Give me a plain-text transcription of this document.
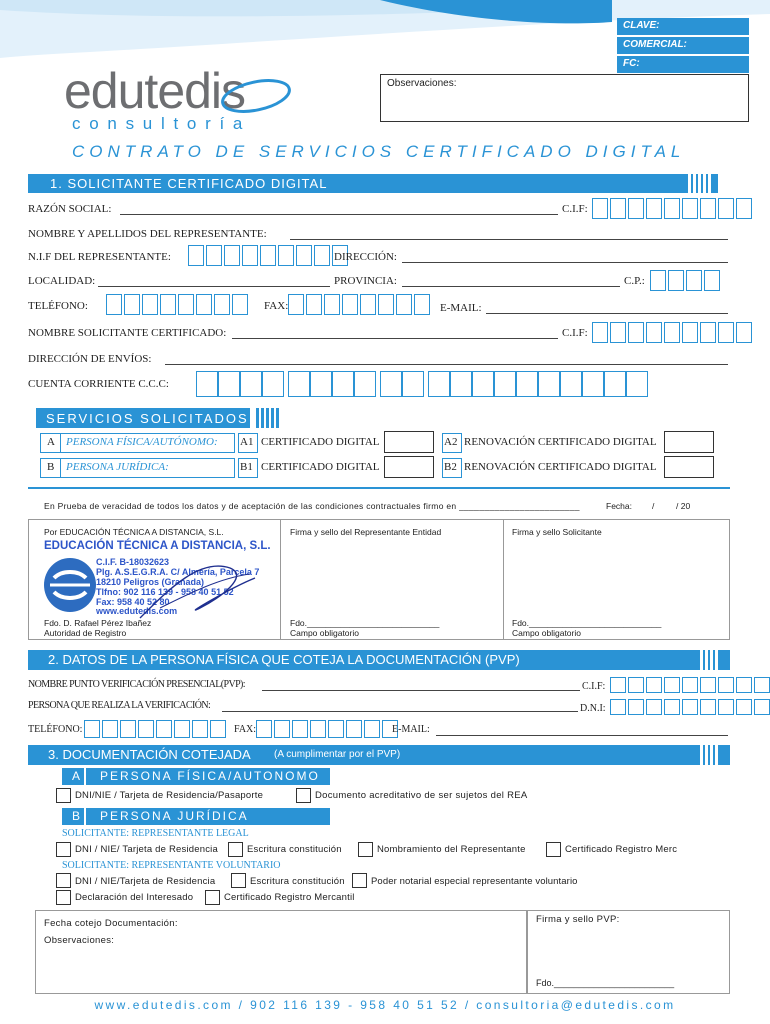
CLAVE:
COMERCIAL:
FC:
Observaciones:
edutedis
c o n s u l t o r í a
CONTRATO DE SERVICIOS CERTIFICADO DIGITAL
1. SOLICITANTE CERTIFICADO DIGITAL
RAZÓN SOCIAL:	C.I.F:
NOMBRE Y APELLIDOS DEL REPRESENTANTE:
N.I.F DEL REPRESENTANTE:	DIRECCIÓN:
LOCALIDAD:	PROVINCIA:	C.P.:
TELÉFONO:	FAX:	E-MAIL:
NOMBRE SOLICITANTE CERTIFICADO:	C.I.F:
DIRECCIÓN DE ENVÍOS:
CUENTA CORRIENTE C.C.C:
SERVICIOS SOLICITADOS
A PERSONA FÍSICA/AUTÓNOMO:
B PERSONA JURÍDICA:
A1 CERTIFICADO DIGITAL	A2 RENOVACIÓN CERTIFICADO DIGITAL
B1 CERTIFICADO DIGITAL	B2 RENOVACIÓN CERTIFICADO DIGITAL
En Prueba de veracidad de todos los datos y de aceptación de las condiciones contractuales firmo en ________________________	Fecha: /	/ 20
Por EDUCACIÓN TÉCNICA A DISTANCIA, S.L.
EDUCACIÓN TÉCNICA A DISTANCIA, S.L.
C.I.F. B-18032623
Plg. A.S.E.G.R.A. C/ Almería, Parcela 7
18210 Peligros (Granada)
Tlfno: 902 116 139 - 958 40 51 52
Fax: 958 40 52 80
www.edutedis.com
Fdo. D. Rafael Pérez Ibañez
Autoridad de Registro
Firma y sello del Representante Entidad
Fdo.____________________________
Campo obligatorio
Firma y sello Solicitante
Fdo.____________________________
Campo obligatorio
2. DATOS DE LA PERSONA FÍSICA QUE COTEJA LA DOCUMENTACIÓN (PVP)
NOMBRE PUNTO VERIFICACIÓN PRESENCIAL(PVP):	C.I.F:
PERSONA QUE REALIZA LA VERIFICACIÓN:	D.N.I:
TELÉFONO:	FAX:	E-MAIL:
3. DOCUMENTACIÓN COTEJADA (A cumplimentar por el PVP)
A PERSONA FÍSICA/AUTONOMO
DNI/NIE / Tarjeta de Residencia/Pasaporte	Documento acreditativo de ser sujetos del REA
B PERSONA JURÍDICA
SOLICITANTE: REPRESENTANTE LEGAL
DNI / NIE/ Tarjeta de Residencia	Escritura constitución	Nombramiento del Representante	Certificado Registro Merc
SOLICITANTE: REPRESENTANTE VOLUNTARIO
DNI / NIE/Tarjeta de Residencia	Escritura constitución	Poder notarial especial representante voluntario
Declaración del Interesado	Certificado Registro Mercantil
Fecha cotejo Documentación:
Observaciones:
Firma y sello PVP:
Fdo.________________________
www.edutedis.com / 902 116 139 - 958 40 51 52 / consultoria@edutedis.com
